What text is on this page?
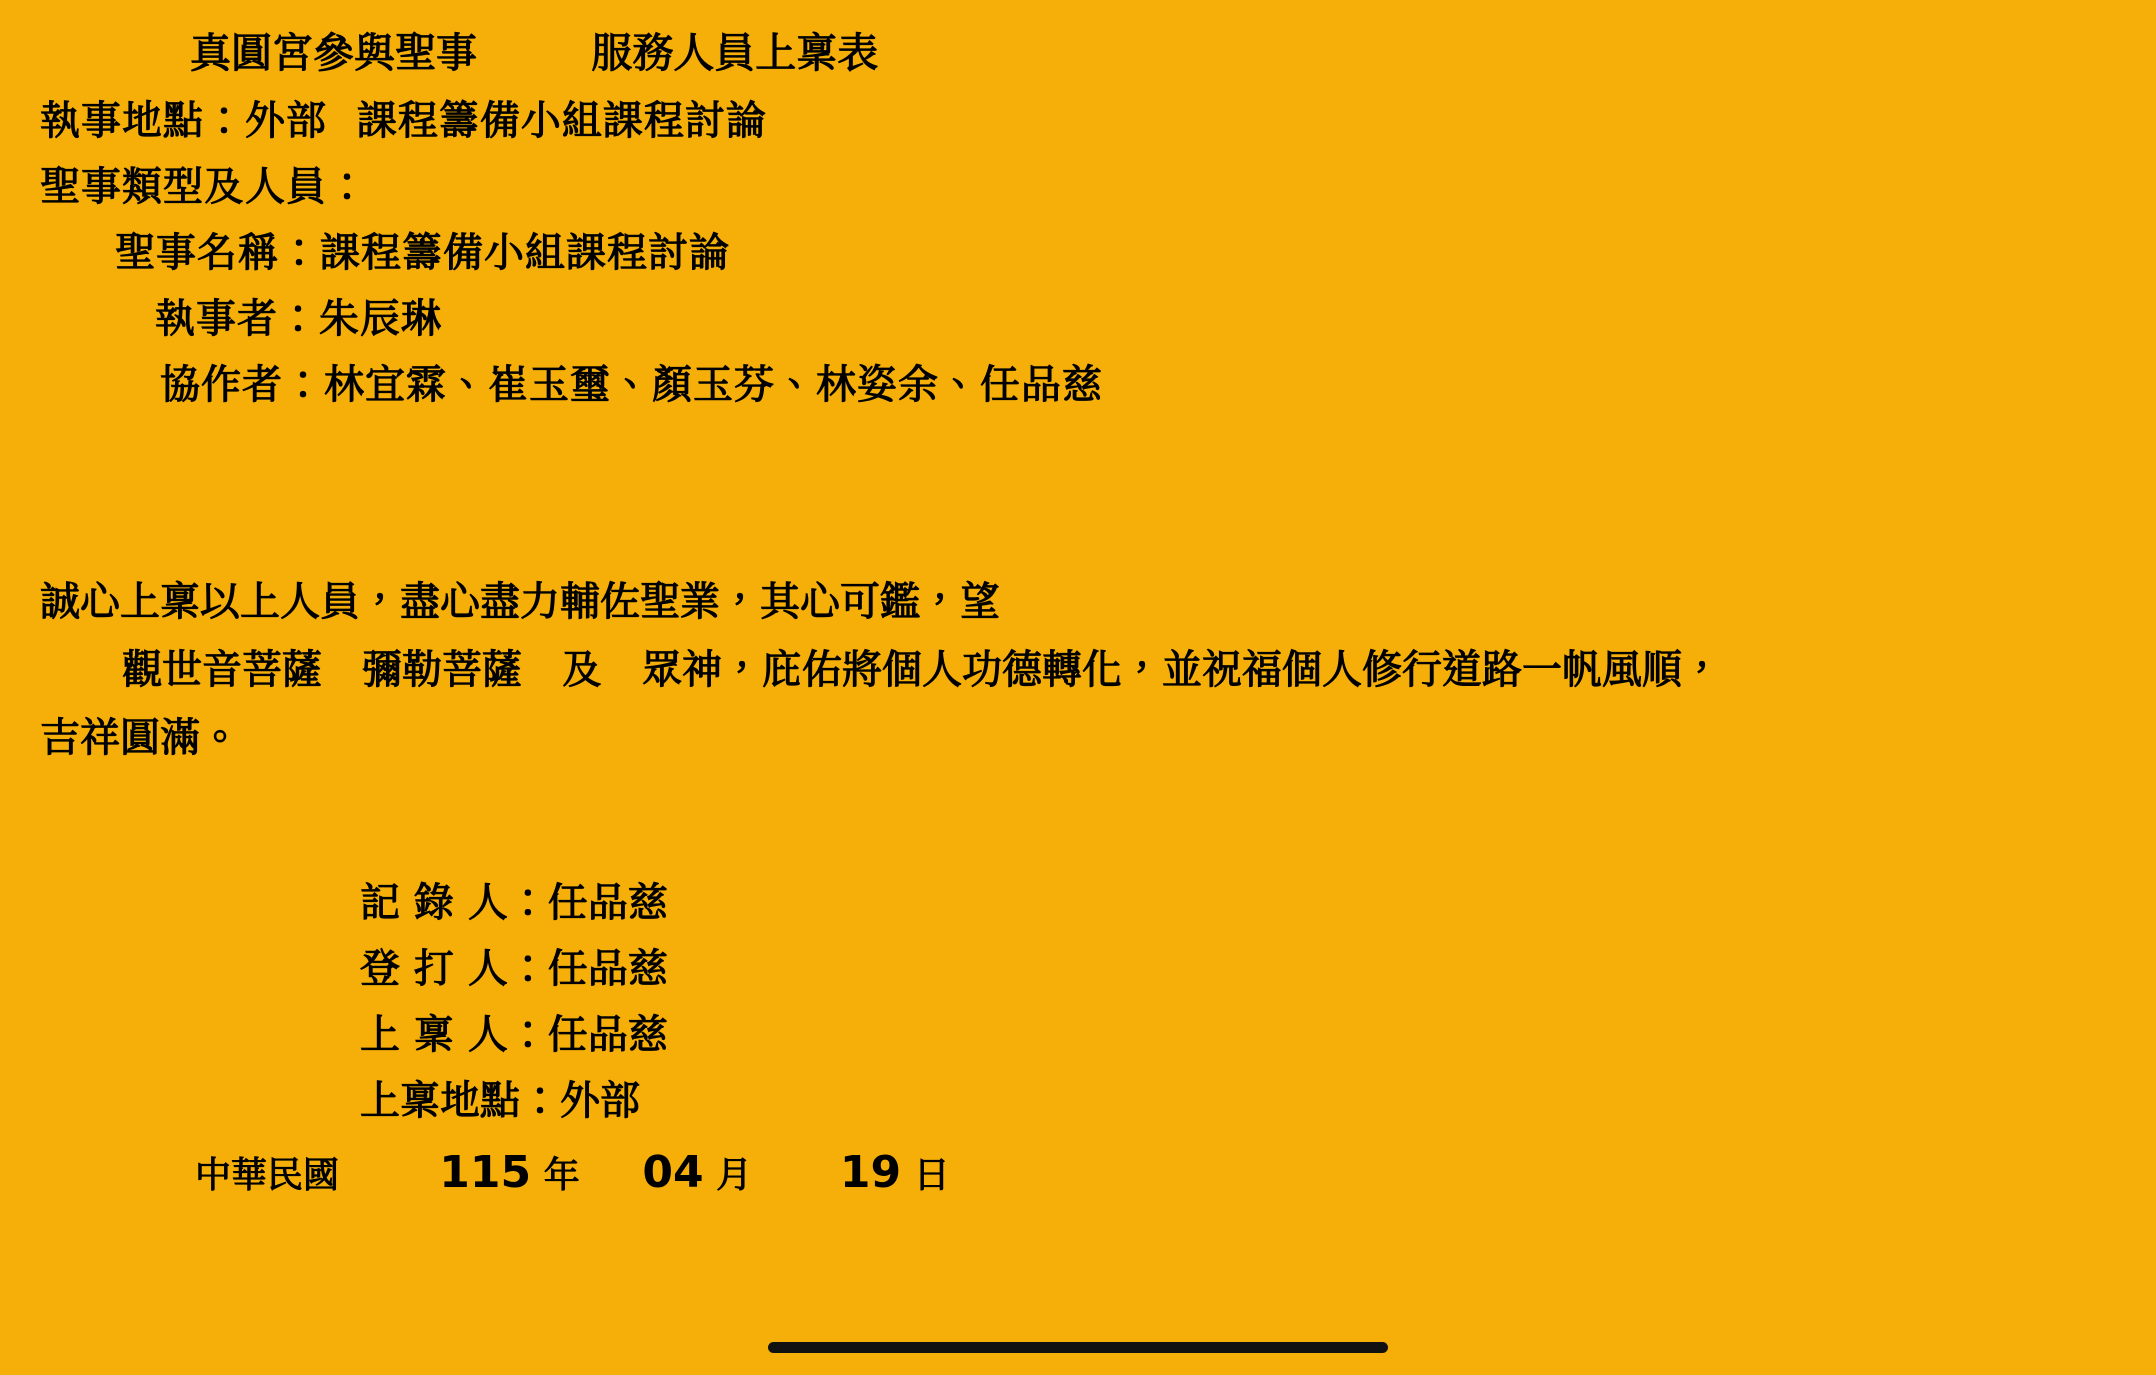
真圓宮參與聖事        服務人員上稟表
執事地點：外部  課程籌備小組課程討論
聖事類型及人員：
聖事名稱：課程籌備小組課程討論
執事者：朱辰琳
協作者：林宜霖、崔玉璽、顏玉芬、林姿余、任品慈
誠心上稟以上人員，盡心盡力輔佐聖業，其心可鑑，望
觀世音菩薩　彌勒菩薩　及　眾神，庇佑將個人功德轉化，並祝福個人修行道路一帆風順，
吉祥圓滿。
記 錄 人：任品慈
登 打 人：任品慈
上 稟 人：任品慈
上稟地點：外部
中華民國 115 年 04 月 19 日
